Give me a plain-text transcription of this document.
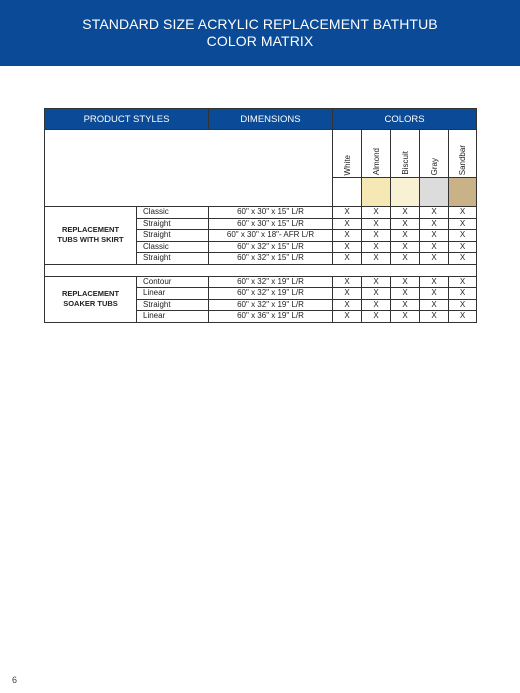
STANDARD SIZE ACRYLIC REPLACEMENT BATHTUB
COLOR MATRIX
PRODUCT STYLES		DIMENSIONS	COLORS				
			White	Almond	Biscuit	Gray	Sandbar

REPLACEMENT
TUBS WITH SKIRT	Classic	60" x 30" x 15" L/R	X	X	X	X	X
	Straight	60" x 30" x 15" L/R	X	X	X	X	X
	Straight	60" x 30" x 18"- AFR L/R	X	X	X	X	X
	Classic	60" x 32" x 15" L/R	X	X	X	X	X
	Straight	60" x 32" x 15" L/R	X	X	X	X	X

REPLACEMENT
SOAKER TUBS	Contour	60" x 32" x 19" L/R	X	X	X	X	X
	Linear	60" x 32" x 19" L/R	X	X	X	X	X
	Straight	60" x 32" x 19" L/R	X	X	X	X	X
	Linear	60" x 36" x 19" L/R	X	X	X	X	X
6
